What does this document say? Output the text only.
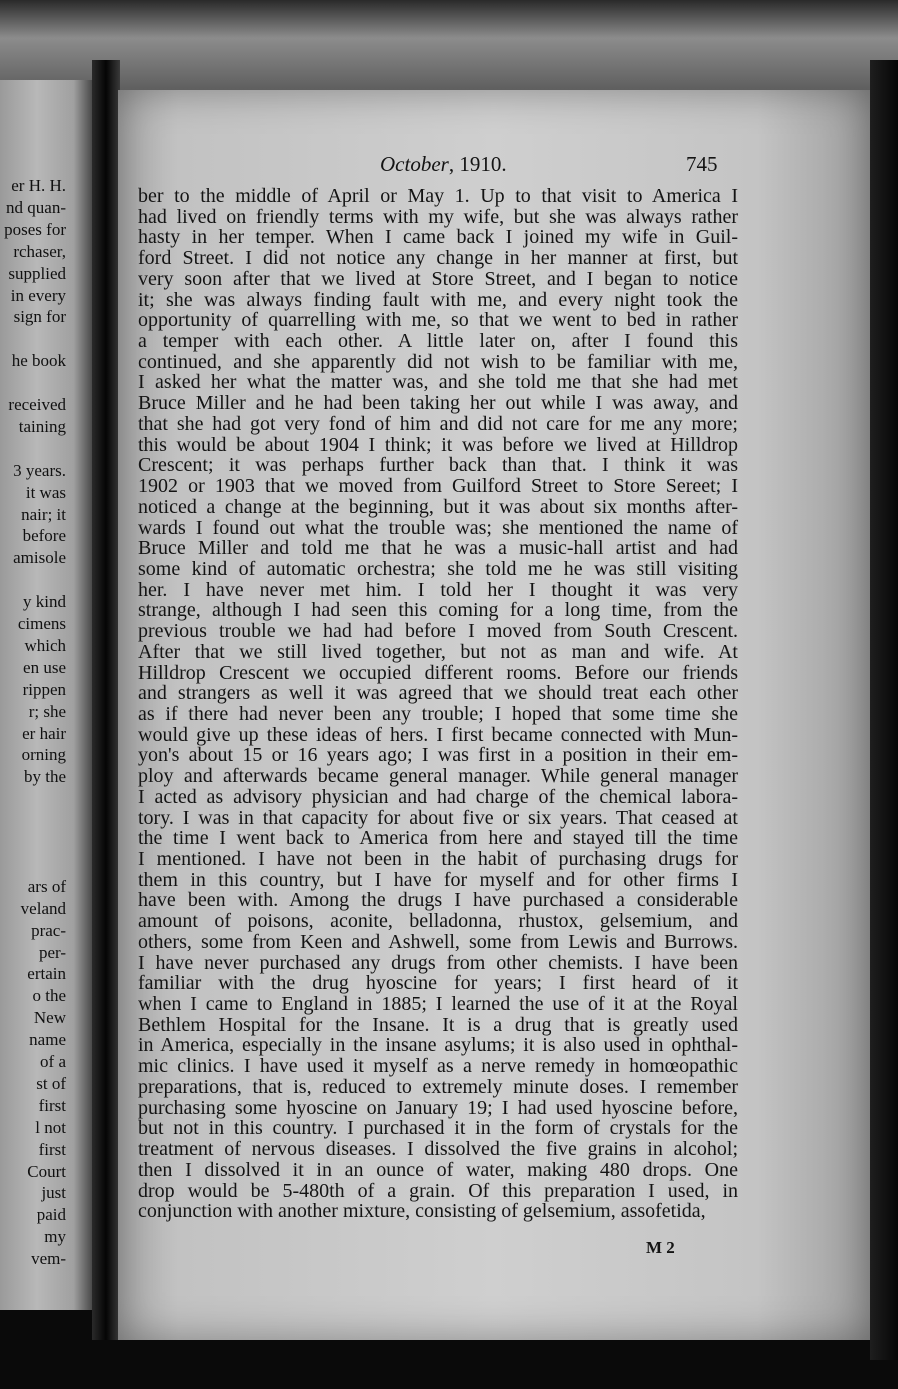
er H. H.
nd quan-
poses for
rchaser,
supplied
in every
sign for
he book
received
taining
3 years.
it was
nair; it
before
amisole
y kind
cimens
which
en use
rippen
r; she
er hair
orning
by the
ars of
veland
prac-
per-
ertain
o the
New
name
of a
st of
first
l not
first
Court
just
paid
my
vem-
October, 1910.	745
ber to the middle of April or May 1. Up to that visit to America I
had lived on friendly terms with my wife, but she was always rather
hasty in her temper. When I came back I joined my wife in Guil-
ford Street. I did not notice any change in her manner at first, but
very soon after that we lived at Store Street, and I began to notice
it; she was always finding fault with me, and every night took the
opportunity of quarrelling with me, so that we went to bed in rather
a temper with each other. A little later on, after I found this
continued, and she apparently did not wish to be familiar with me,
I asked her what the matter was, and she told me that she had met
Bruce Miller and he had been taking her out while I was away, and
that she had got very fond of him and did not care for me any more;
this would be about 1904 I think; it was before we lived at Hilldrop
Crescent; it was perhaps further back than that. I think it was
1902 or 1903 that we moved from Guilford Street to Store Sereet; I
noticed a change at the beginning, but it was about six months after-
wards I found out what the trouble was; she mentioned the name of
Bruce Miller and told me that he was a music-hall artist and had
some kind of automatic orchestra; she told me he was still visiting
her. I have never met him. I told her I thought it was very
strange, although I had seen this coming for a long time, from the
previous trouble we had had before I moved from South Crescent.
After that we still lived together, but not as man and wife. At
Hilldrop Crescent we occupied different rooms. Before our friends
and strangers as well it was agreed that we should treat each other
as if there had never been any trouble; I hoped that some time she
would give up these ideas of hers. I first became connected with Mun-
yon's about 15 or 16 years ago; I was first in a position in their em-
ploy and afterwards became general manager. While general manager
I acted as advisory physician and had charge of the chemical labora-
tory. I was in that capacity for about five or six years. That ceased at
the time I went back to America from here and stayed till the time
I mentioned. I have not been in the habit of purchasing drugs for
them in this country, but I have for myself and for other firms I
have been with. Among the drugs I have purchased a considerable
amount of poisons, aconite, belladonna, rhustox, gelsemium, and
others, some from Keen and Ashwell, some from Lewis and Burrows.
I have never purchased any drugs from other chemists. I have been
familiar with the drug hyoscine for years; I first heard of it
when I came to England in 1885; I learned the use of it at the Royal
Bethlem Hospital for the Insane. It is a drug that is greatly used
in America, especially in the insane asylums; it is also used in ophthal-
mic clinics. I have used it myself as a nerve remedy in homœopathic
preparations, that is, reduced to extremely minute doses. I remember
purchasing some hyoscine on January 19; I had used hyoscine before,
but not in this country. I purchased it in the form of crystals for the
treatment of nervous diseases. I dissolved the five grains in alcohol;
then I dissolved it in an ounce of water, making 480 drops. One
drop would be 5-480th of a grain. Of this preparation I used, in
conjunction with another mixture, consisting of gelsemium, assofetida,
M 2
